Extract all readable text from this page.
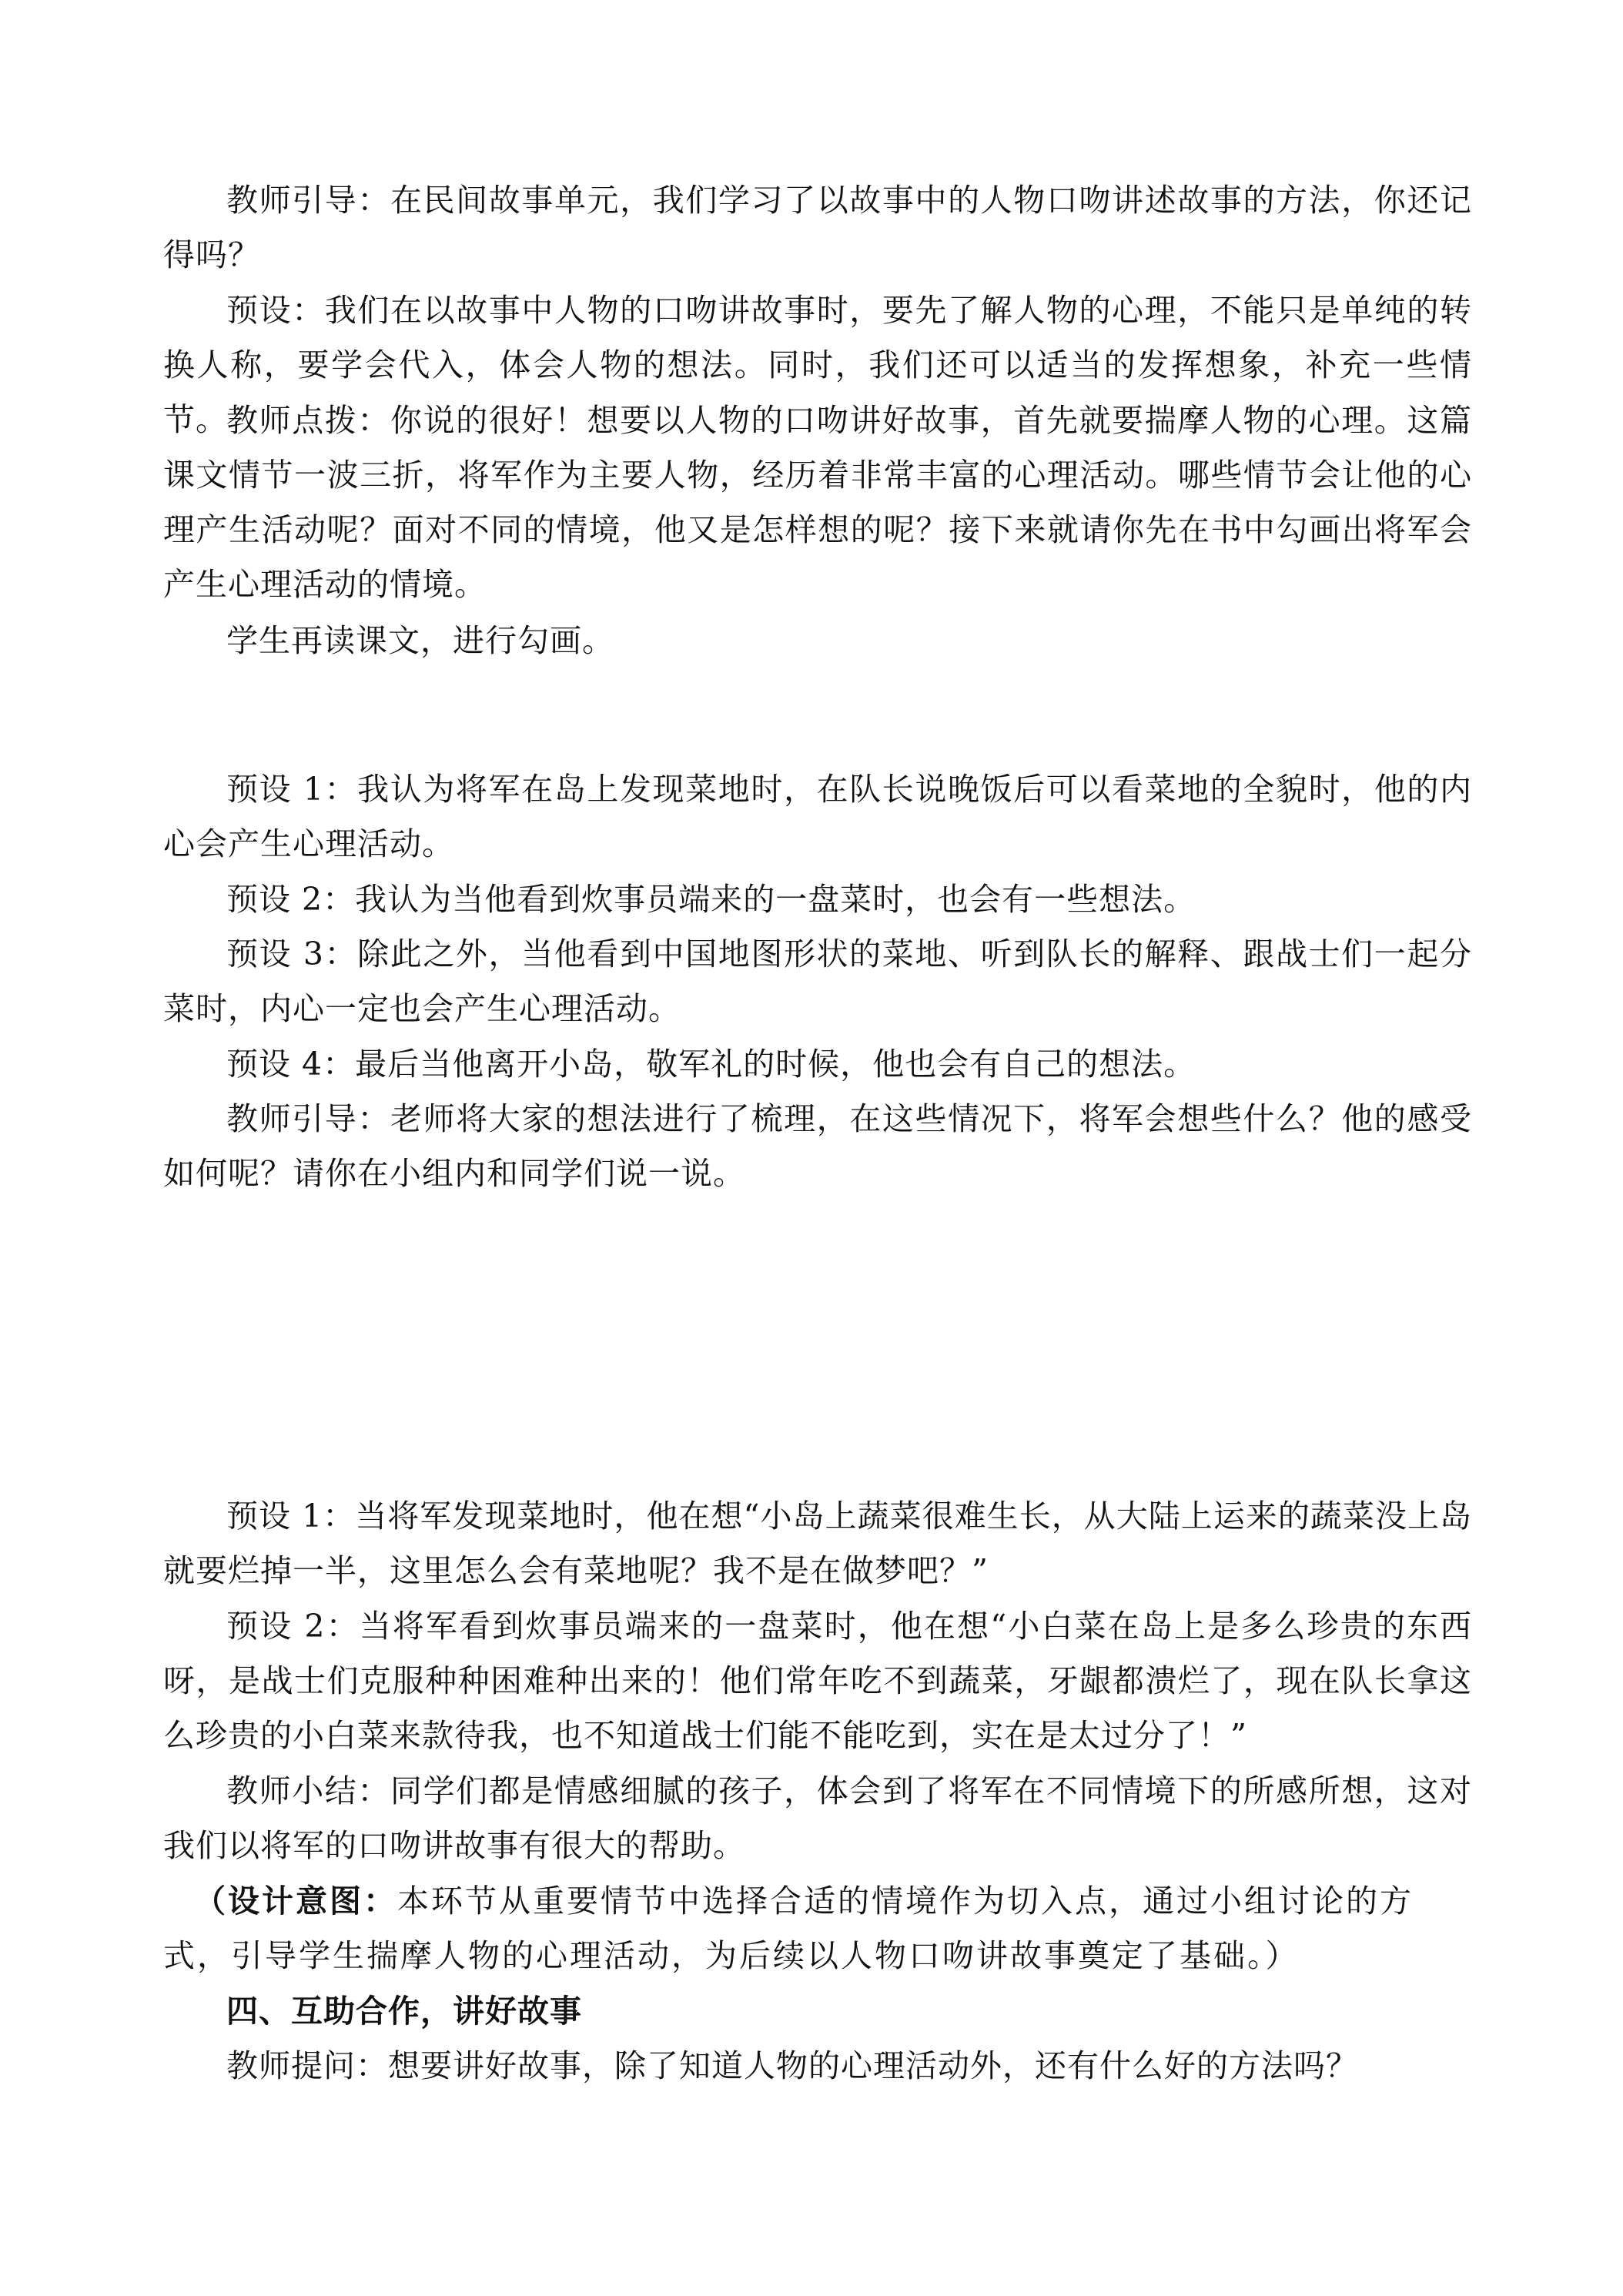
教师引导：在民间故事单元，我们学习了以故事中的人物口吻讲述故事的方法，你还记得吗？

预设：我们在以故事中人物的口吻讲故事时，要先了解人物的心理，不能只是单纯的转换人称，要学会代入，体会人物的想法。同时，我们还可以适当的发挥想象，补充一些情节。

教师点拨：你说的很好！想要以人物的口吻讲好故事，首先就要揣摩人物的心理。这篇课文情节一波三折，将军作为主要人物，经历着非常丰富的心理活动。哪些情节会让他的心理产生活动呢？面对不同的情境，他又是怎样想的呢？接下来就请你先在书中勾画出将军会产生心理活动的情境。

学生再读课文，进行勾画。

预设 1：我认为将军在岛上发现菜地时，在队长说晚饭后可以看菜地的全貌时，他的内心会产生心理活动。

预设 2：我认为当他看到炊事员端来的一盘菜时，也会有一些想法。

预设 3：除此之外，当他看到中国地图形状的菜地、听到队长的解释、跟战士们一起分菜时，内心一定也会产生心理活动。

预设 4：最后当他离开小岛，敬军礼的时候，他也会有自己的想法。

教师引导：老师将大家的想法进行了梳理，在这些情况下，将军会想些什么？他的感受如何呢？请你在小组内和同学们说一说。

预设 1：当将军发现菜地时，他在想“小岛上蔬菜很难生长，从大陆上运来的蔬菜没上岛就要烂掉一半，这里怎么会有菜地呢？我不是在做梦吧？”

预设 2：当将军看到炊事员端来的一盘菜时，他在想“小白菜在岛上是多么珍贵的东西呀，是战士们克服种种困难种出来的！他们常年吃不到蔬菜，牙龈都溃烂了，现在队长拿这么珍贵的小白菜来款待我，也不知道战士们能不能吃到，实在是太过分了！”

教师小结：同学们都是情感细腻的孩子，体会到了将军在不同情境下的所感所想，这对我们以将军的口吻讲故事有很大的帮助。

（设计意图：本环节从重要情节中选择合适的情境作为切入点，通过小组讨论的方式，引导学生揣摩人物的心理活动，为后续以人物口吻讲故事奠定了基础。）

四、互助合作，讲好故事

教师提问：想要讲好故事，除了知道人物的心理活动外，还有什么好的方法吗？
